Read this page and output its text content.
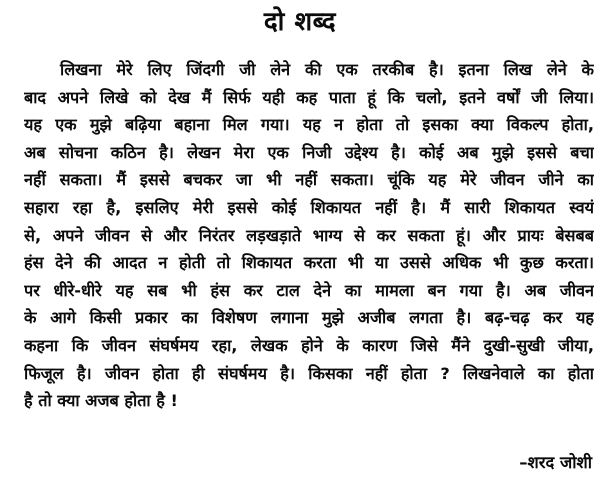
दो शब्द
लिखना मेरे लिए जिंदगी जी लेने की एक तरकीब है। इतना लिख लेने के
बाद अपने लिखे को देख मैं सिर्फ यही कह पाता हूं कि चलो, इतने वर्षों जी लिया।
यह एक मुझे बढ़िया बहाना मिल गया। यह न होता तो इसका क्या विकल्प होता,
अब सोचना कठिन है। लेखन मेरा एक निजी उद्देश्य है। कोई अब मुझे इससे बचा
नहीं सकता। मैं इससे बचकर जा भी नहीं सकता। चूंकि यह मेरे जीवन जीने का
सहारा रहा है, इसलिए मेरी इससे कोई शिकायत नहीं है। मैं सारी शिकायत स्वयं
से, अपने जीवन से और निरंतर लड़खड़ाते भाग्य से कर सकता हूं। और प्रायः बेसबब
हंस देने की आदत न होती तो शिकायत करता भी या उससे अधिक भी कुछ करता।
पर धीरे-धीरे यह सब भी हंस कर टाल देने का मामला बन गया है। अब जीवन
के आगे किसी प्रकार का विशेषण लगाना मुझे अजीब लगता है। बढ़-चढ़ कर यह
कहना कि जीवन संघर्षमय रहा, लेखक होने के कारण जिसे मैंने दुखी-सुखी जीया,
फिजूल है। जीवन होता ही संघर्षमय है। किसका नहीं होता ? लिखनेवाले का होता
है तो क्या अजब होता है !
–शरद जोशी
